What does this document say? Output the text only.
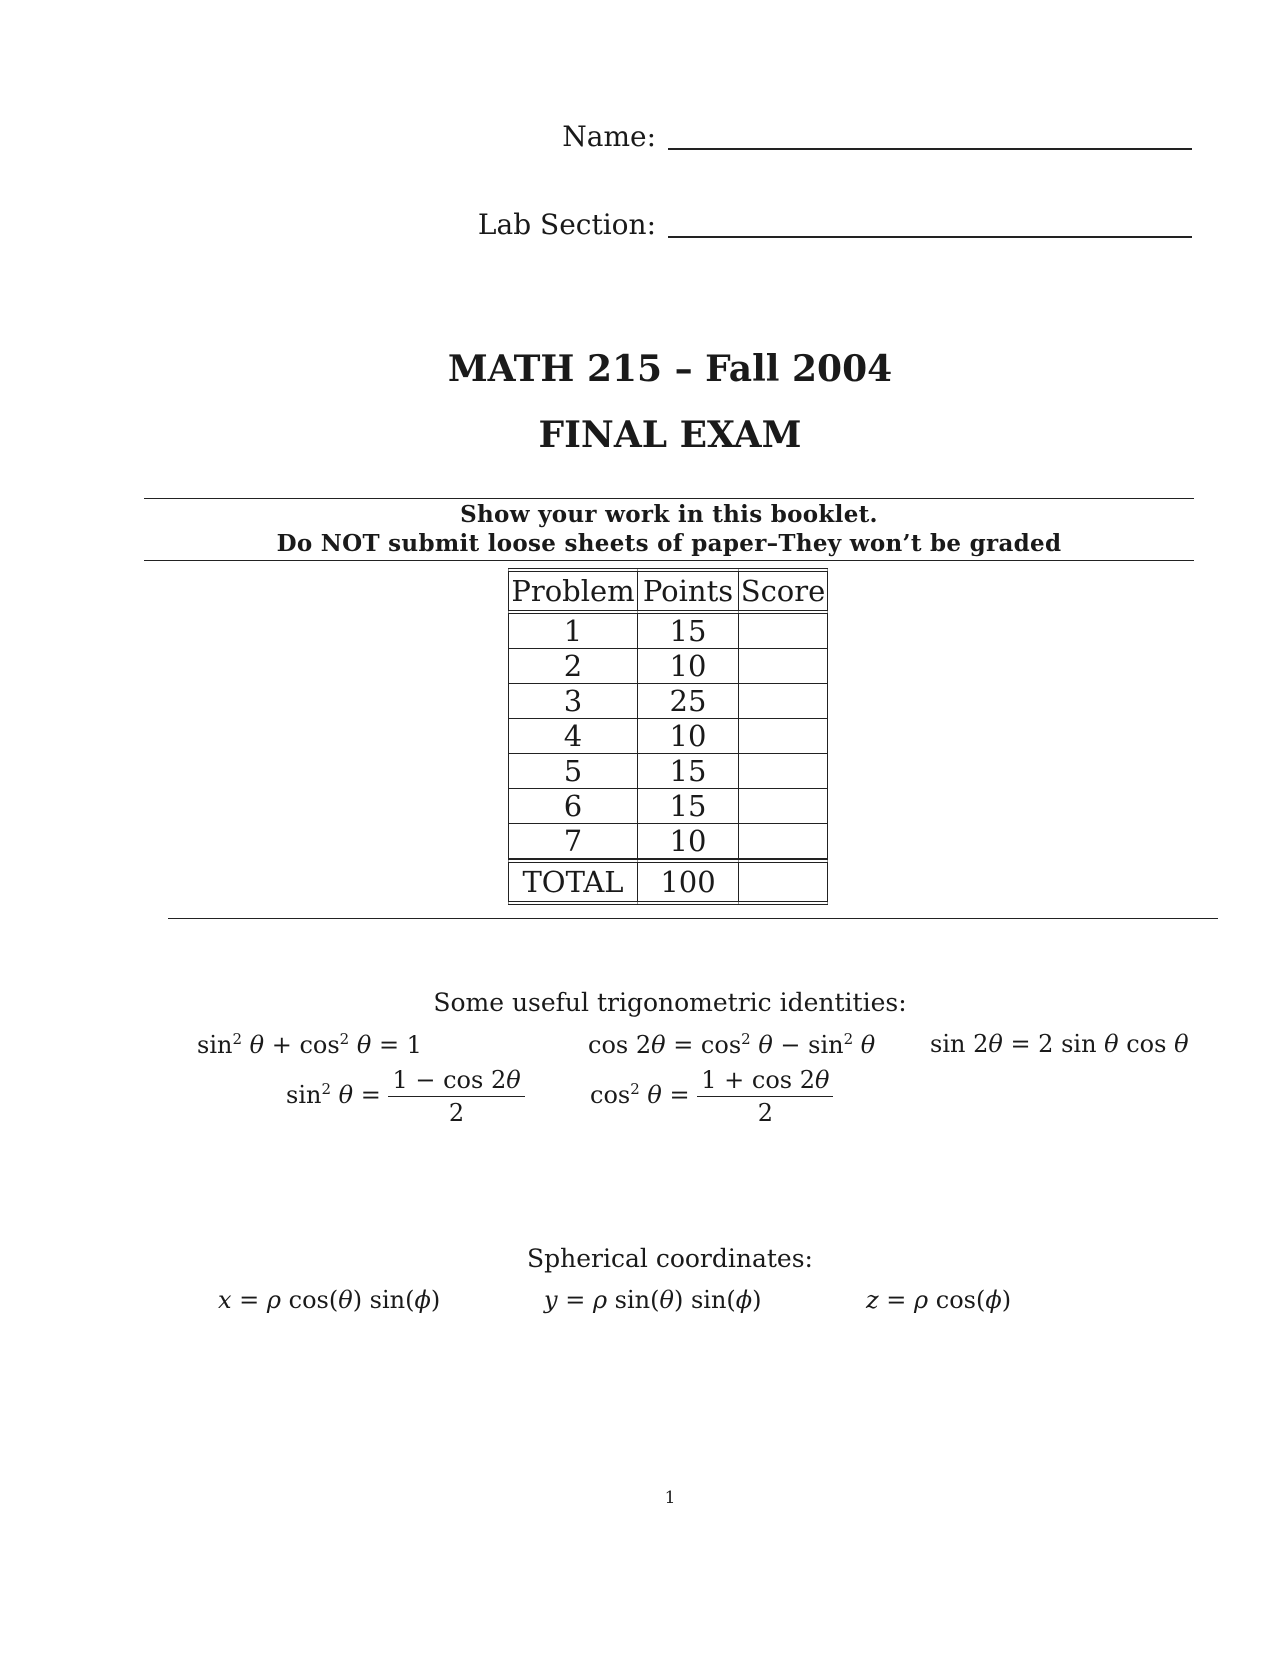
Name:
Lab Section:
MATH 215 – Fall 2004
FINAL EXAM
Show your work in this booklet.
Do NOT submit loose sheets of paper–They won’t be graded
Problem	Points	Score
1	15	
2	10	
3	25	
4	10	
5	15	
6	15	
7	10	
TOTAL	100	
Some useful trigonometric identities:
$\sin^2 \theta + \cos^2 \theta = 1$	$\cos 2\theta = \cos^2 \theta - \sin^2 \theta$ sin 2θ = 2 sin θ cos θ
$\sin^2 \theta = \frac{1 - \cos 2\theta}{2}$	$\cos^2 \theta = \frac{1 + \cos 2\theta}{2}$
Spherical coordinates:
x = ρ cos(θ) sin(ϕ)	y = ρ sin(θ) sin(ϕ)	z = ρ cos(ϕ)
1
